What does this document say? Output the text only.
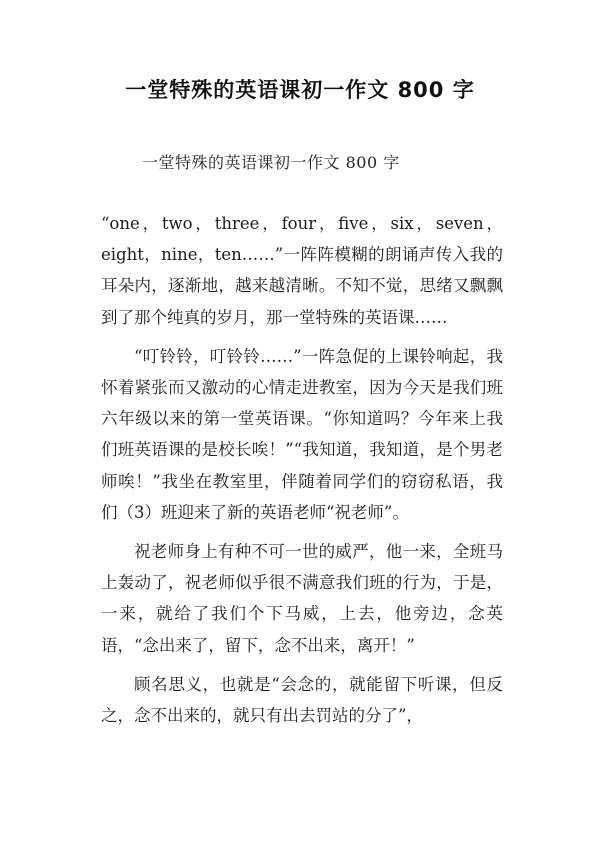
一堂特殊的英语课初一作文 800 字
一堂特殊的英语课初一作文 800 字

“one，two，three，four，five，six，seven，eight，nine，ten……”一阵阵模糊的朗诵声传入我的耳朵内，逐渐地，越来越清晰。不知不觉，思绪又飘飘到了那个纯真的岁月，那一堂特殊的英语课……

“叮铃铃，叮铃铃……”一阵急促的上课铃响起，我怀着紧张而又激动的心情走进教室，因为今天是我们班六年级以来的第一堂英语课。“你知道吗？今年来上我们班英语课的是校长唉！”“我知道，我知道，是个男老师唉！”我坐在教室里，伴随着同学们的窃窃私语，我们（3）班迎来了新的英语老师“祝老师”。

祝老师身上有种不可一世的威严，他一来，全班马上轰动了，祝老师似乎很不满意我们班的行为，于是，一来，就给了我们个下马威，上去，他旁边，念英语，“念出来了，留下，念不出来，离开！”

顾名思义，也就是“会念的，就能留下听课，但反之，念不出来的，就只有出去罚站的分了”，
